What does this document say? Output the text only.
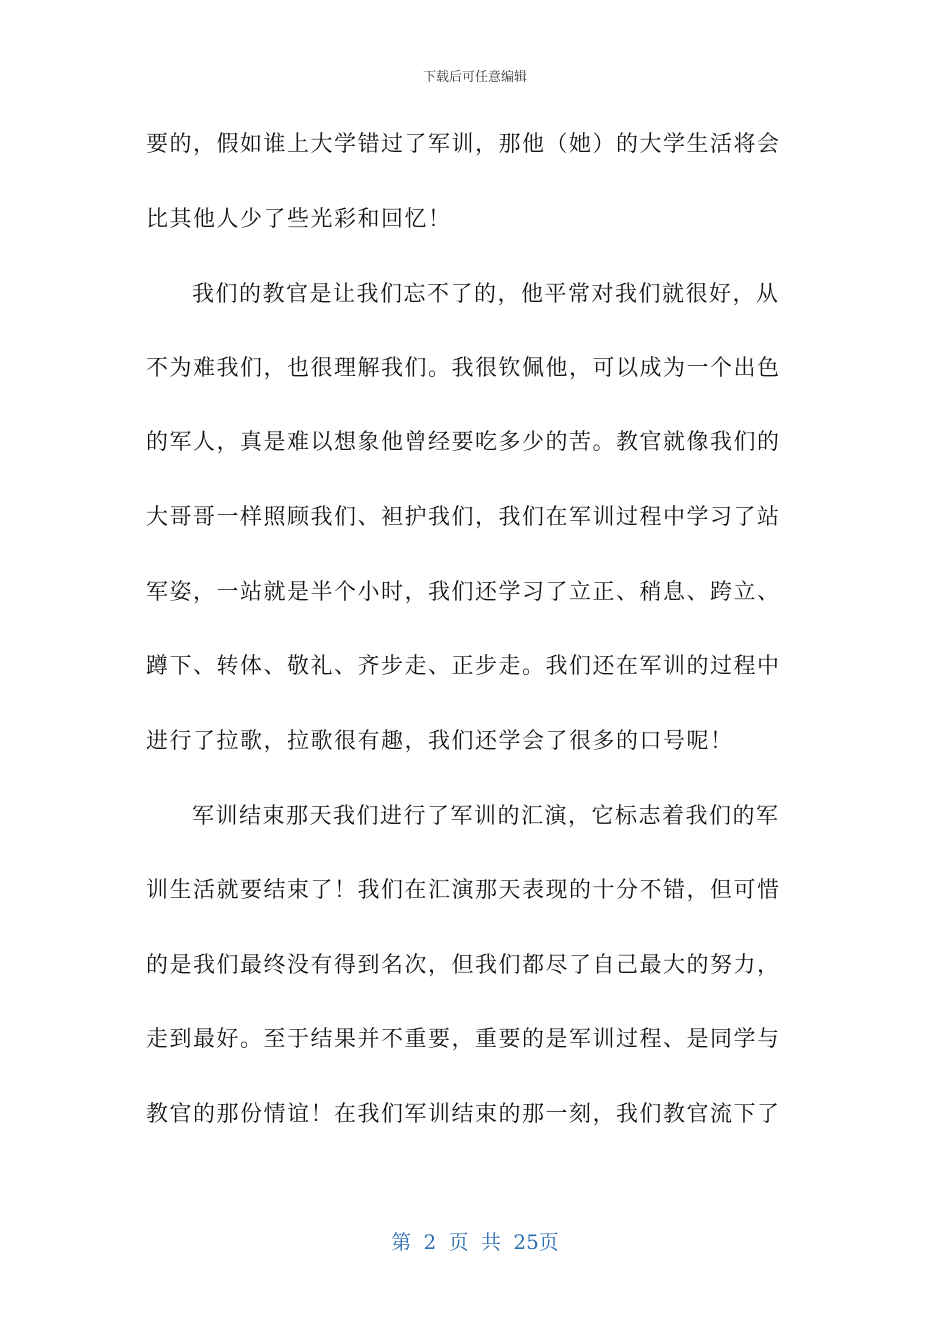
下载后可任意编辑
要的，假如谁上大学错过了军训，那他（她）的大学生活将会
比其他人少了些光彩和回忆！
我们的教官是让我们忘不了的，他平常对我们就很好，从
不为难我们，也很理解我们。我很钦佩他，可以成为一个出色
的军人，真是难以想象他曾经要吃多少的苦。教官就像我们的
大哥哥一样照顾我们、袒护我们，我们在军训过程中学习了站
军姿，一站就是半个小时，我们还学习了立正、稍息、跨立、
蹲下、转体、敬礼、齐步走、正步走。我们还在军训的过程中
进行了拉歌，拉歌很有趣，我们还学会了很多的口号呢！
军训结束那天我们进行了军训的汇演，它标志着我们的军
训生活就要结束了！我们在汇演那天表现的十分不错，但可惜
的是我们最终没有得到名次，但我们都尽了自己最大的努力，
走到最好。至于结果并不重要，重要的是军训过程、是同学与
教官的那份情谊！在我们军训结束的那一刻，我们教官流下了
第 2 页 共 25页
